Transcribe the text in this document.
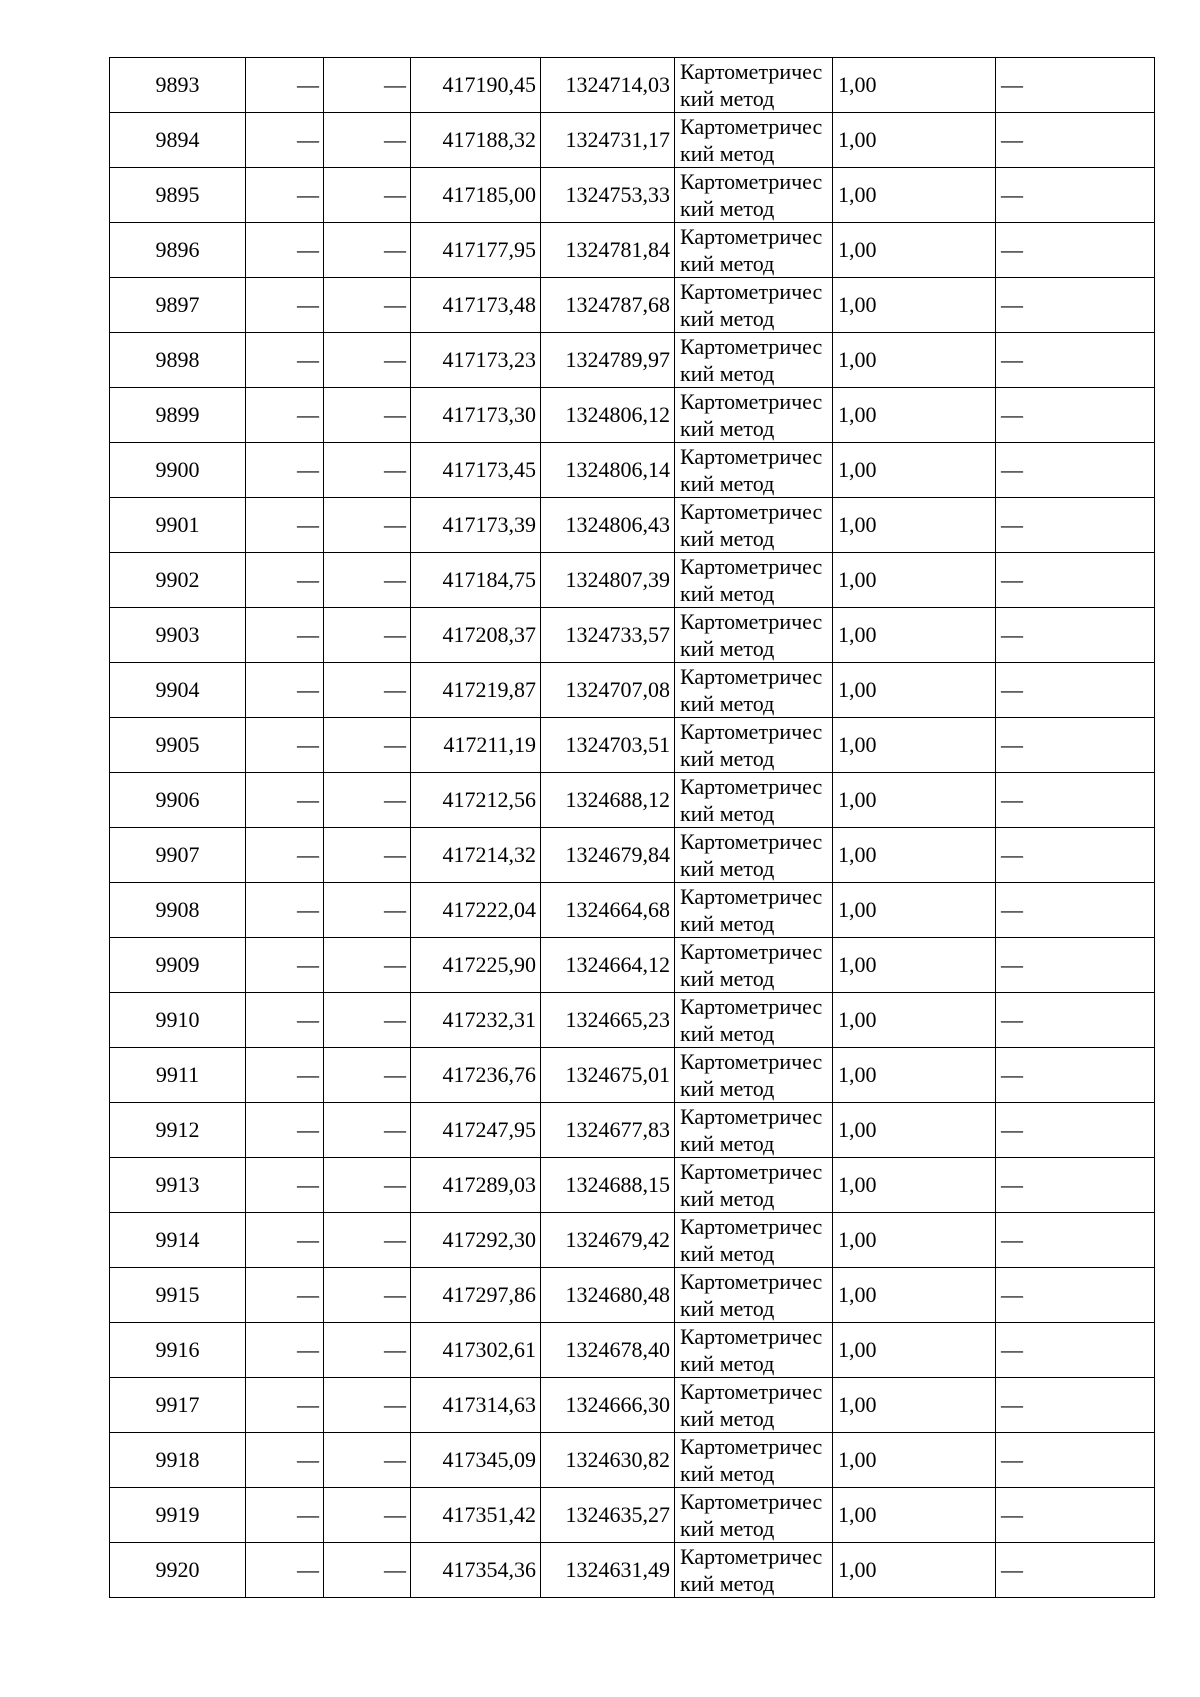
9893	—	—	417190,45	1324714,03	Картометрический метод	1,00	—
9894	—	—	417188,32	1324731,17	Картометрический метод	1,00	—
9895	—	—	417185,00	1324753,33	Картометрический метод	1,00	—
9896	—	—	417177,95	1324781,84	Картометрический метод	1,00	—
9897	—	—	417173,48	1324787,68	Картометрический метод	1,00	—
9898	—	—	417173,23	1324789,97	Картометрический метод	1,00	—
9899	—	—	417173,30	1324806,12	Картометрический метод	1,00	—
9900	—	—	417173,45	1324806,14	Картометрический метод	1,00	—
9901	—	—	417173,39	1324806,43	Картометрический метод	1,00	—
9902	—	—	417184,75	1324807,39	Картометрический метод	1,00	—
9903	—	—	417208,37	1324733,57	Картометрический метод	1,00	—
9904	—	—	417219,87	1324707,08	Картометрический метод	1,00	—
9905	—	—	417211,19	1324703,51	Картометрический метод	1,00	—
9906	—	—	417212,56	1324688,12	Картометрический метод	1,00	—
9907	—	—	417214,32	1324679,84	Картометрический метод	1,00	—
9908	—	—	417222,04	1324664,68	Картометрический метод	1,00	—
9909	—	—	417225,90	1324664,12	Картометрический метод	1,00	—
9910	—	—	417232,31	1324665,23	Картометрический метод	1,00	—
9911	—	—	417236,76	1324675,01	Картометрический метод	1,00	—
9912	—	—	417247,95	1324677,83	Картометрический метод	1,00	—
9913	—	—	417289,03	1324688,15	Картометрический метод	1,00	—
9914	—	—	417292,30	1324679,42	Картометрический метод	1,00	—
9915	—	—	417297,86	1324680,48	Картометрический метод	1,00	—
9916	—	—	417302,61	1324678,40	Картометрический метод	1,00	—
9917	—	—	417314,63	1324666,30	Картометрический метод	1,00	—
9918	—	—	417345,09	1324630,82	Картометрический метод	1,00	—
9919	—	—	417351,42	1324635,27	Картометрический метод	1,00	—
9920	—	—	417354,36	1324631,49	Картометрический метод	1,00	—
